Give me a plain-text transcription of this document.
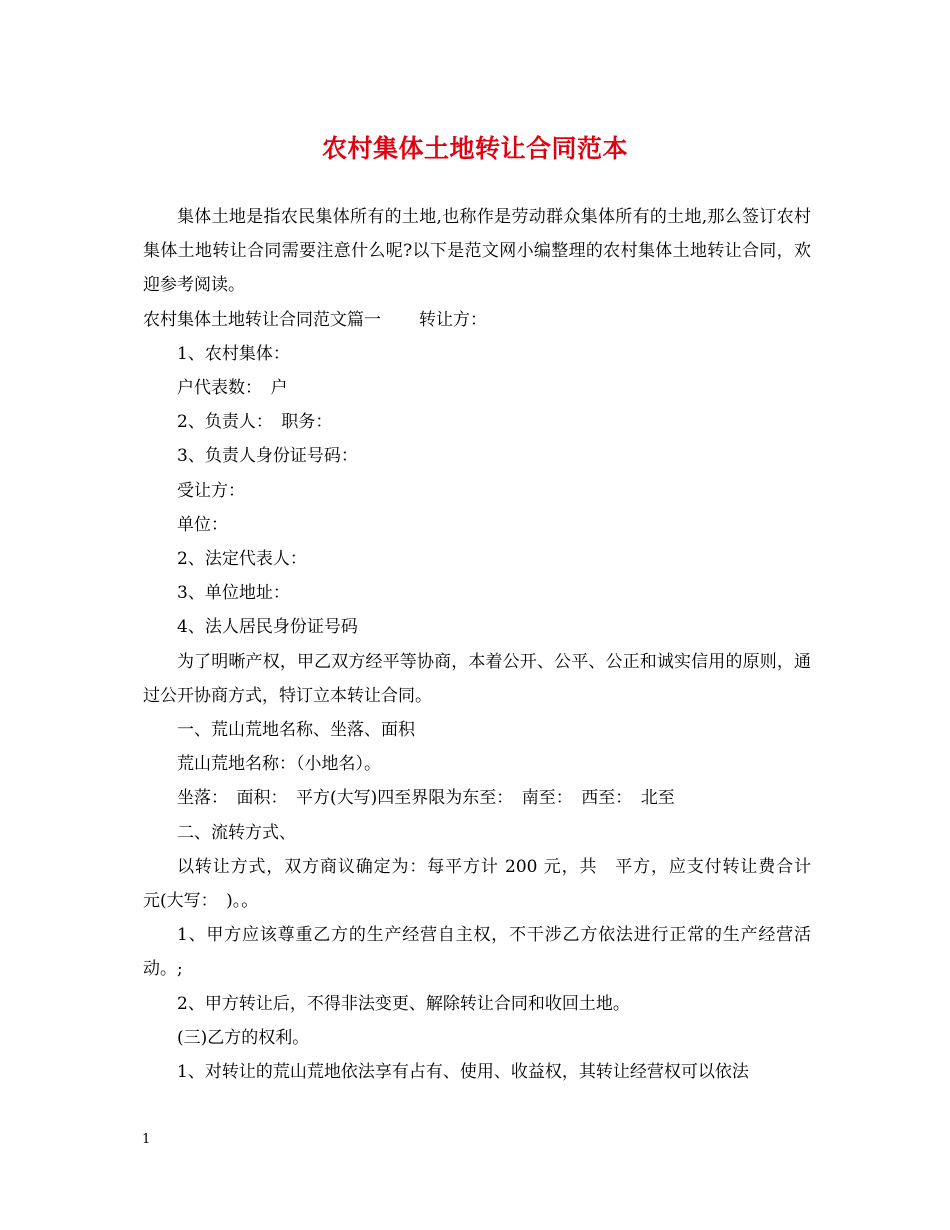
农村集体土地转让合同范本

集体土地是指农民集体所有的土地,也称作是劳动群众集体所有的土地,那么签订农村集体土地转让合同需要注意什么呢?以下是范文网小编整理的农村集体土地转让合同，欢迎参考阅读。

农村集体土地转让合同范文篇一 转让方：

1、农村集体：

户代表数：　户

2、负责人：　职务：

3、负责人身份证号码：

受让方：

单位：

2、法定代表人：

3、单位地址：

4、法人居民身份证号码

为了明晰产权，甲乙双方经平等协商，本着公开、公平、公正和诚实信用的原则，通过公开协商方式，特订立本转让合同。

一、荒山荒地名称、坐落、面积

荒山荒地名称：（小地名）。

坐落：　面积：　平方(大写)四至界限为东至：　南至：　西至：　北至

二、流转方式、

以转让方式，双方商议确定为：每平方计 200 元，共　平方，应支付转让费合计　元(大写：　)。。

1、甲方应该尊重乙方的生产经营自主权，不干涉乙方依法进行正常的生产经营活动。;

2、甲方转让后，不得非法变更、解除转让合同和收回土地。

(三)乙方的权利。

1、对转让的荒山荒地依法享有占有、使用、收益权，其转让经营权可以依法

1
